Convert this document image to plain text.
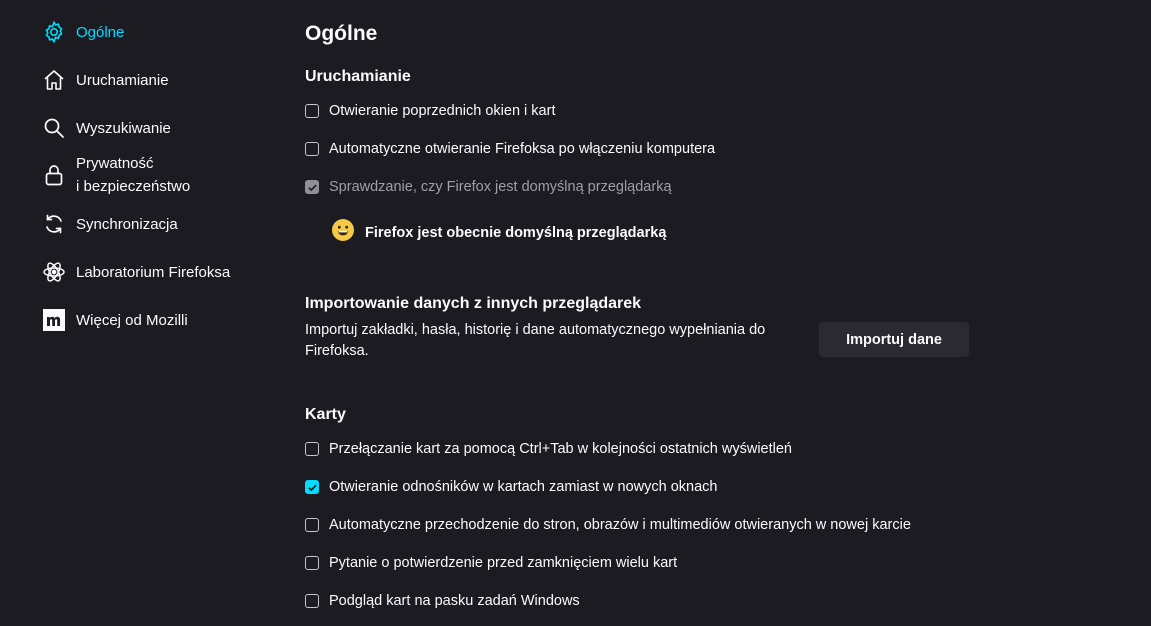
Ogólne
Uruchamianie
Wyszukiwanie
Prywatność
i bezpieczeństwo
Synchronizacja
Laboratorium Firefoksa
Więcej od Mozilli
Ogólne
Uruchamianie
Otwieranie poprzednich okien i kart
Automatyczne otwieranie Firefoksa po włączeniu komputera
Sprawdzanie, czy Firefox jest domyślną przeglądarką
Firefox jest obecnie domyślną przeglądarką
Importowanie danych z innych przeglądarek
Importuj zakładki, hasła, historię i dane automatycznego wypełniania do Firefoksa.
Importuj dane
Karty
Przełączanie kart za pomocą Ctrl+Tab w kolejności ostatnich wyświetleń
Otwieranie odnośników w kartach zamiast w nowych oknach
Automatyczne przechodzenie do stron, obrazów i multimediów otwieranych w nowej karcie
Pytanie o potwierdzenie przed zamknięciem wielu kart
Podgląd kart na pasku zadań Windows
